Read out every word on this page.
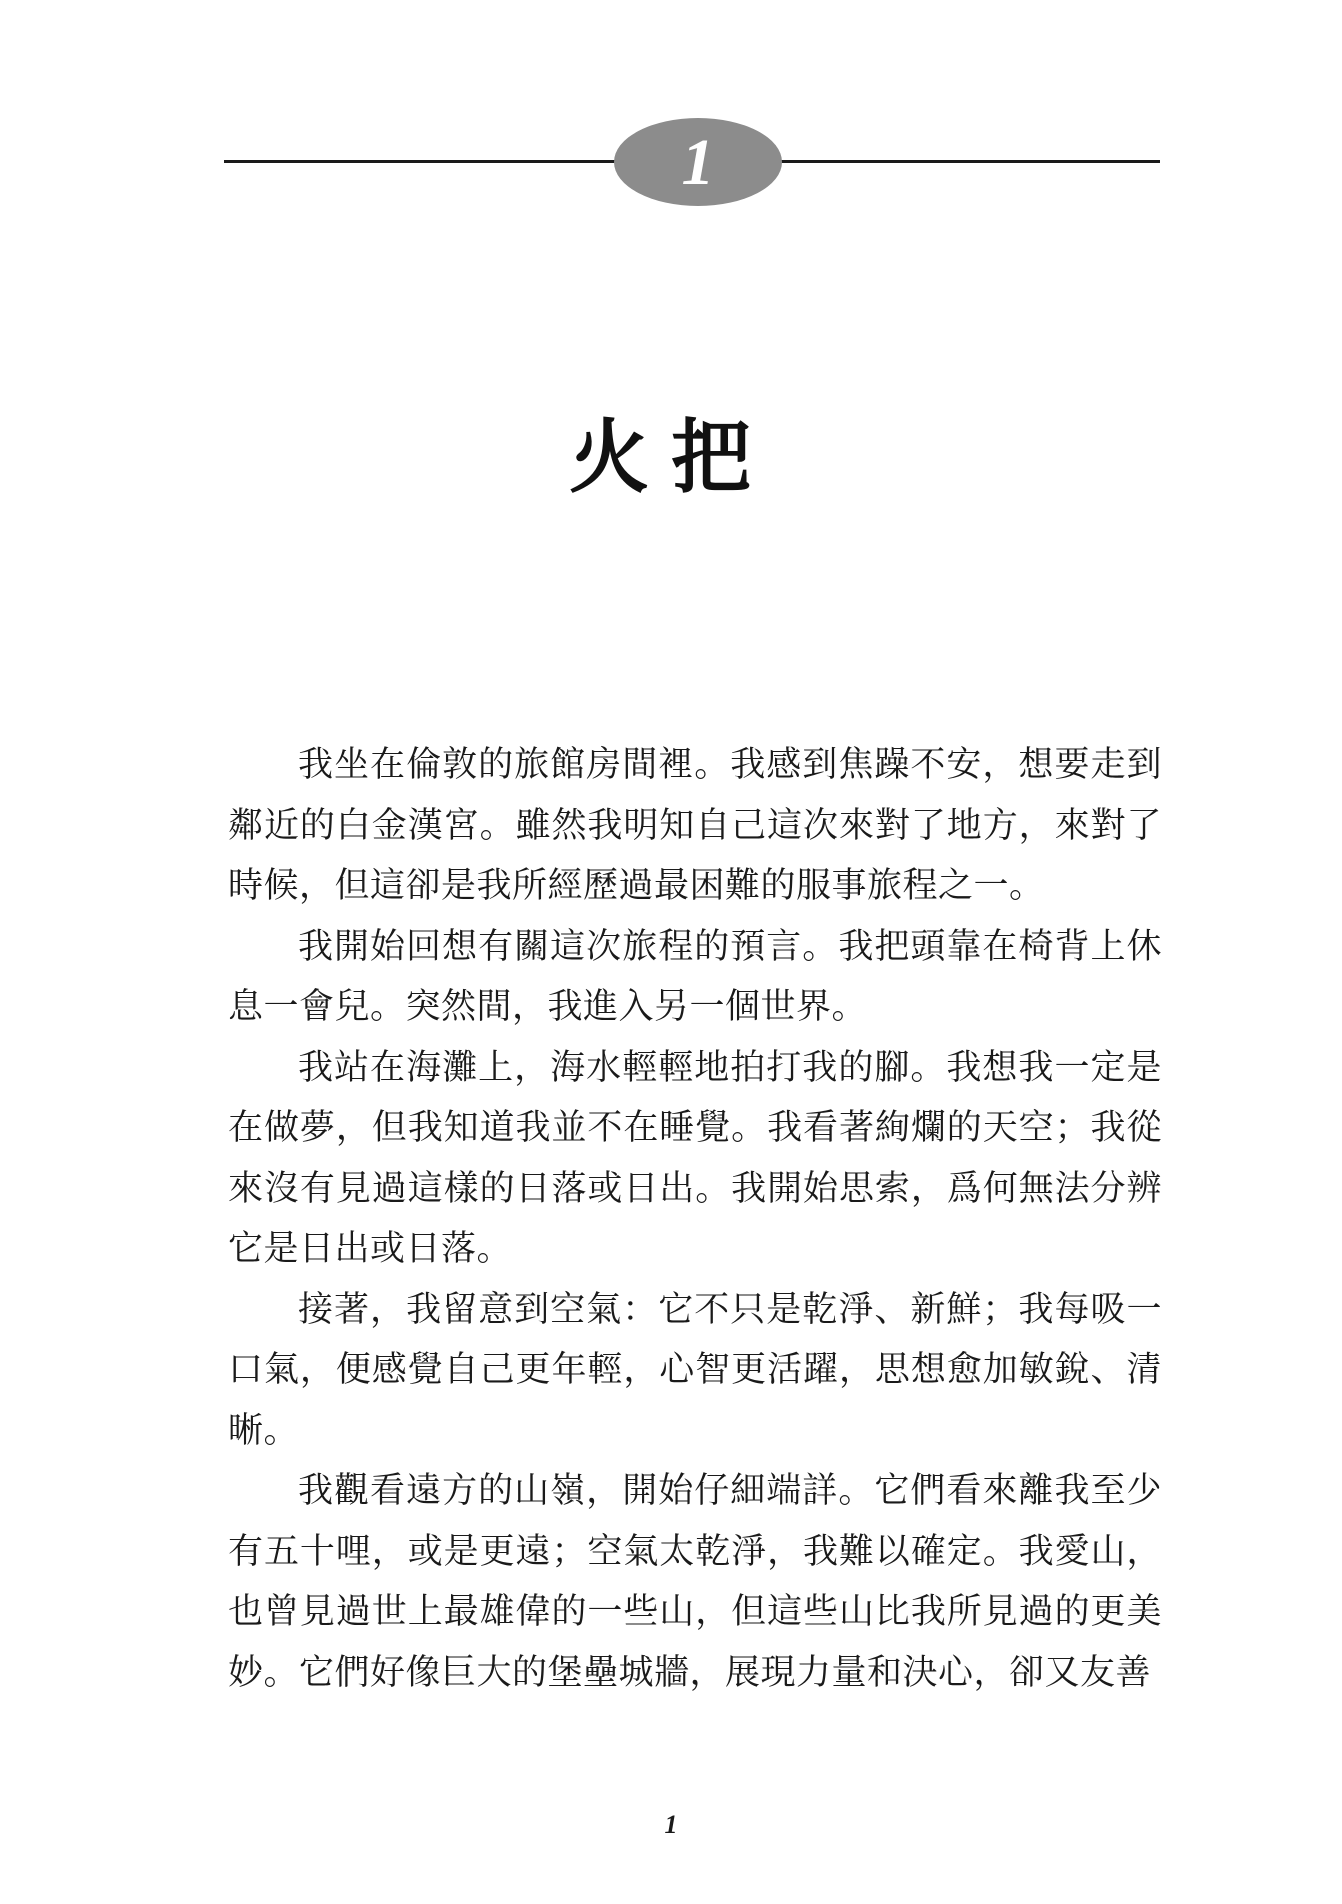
1
火把

我坐在倫敦的旅館房間裡。我感到焦躁不安，想要走到鄰近的白金漢宮。雖然我明知自己這次來對了地方，來對了時候，但這卻是我所經歷過最困難的服事旅程之一。

我開始回想有關這次旅程的預言。我把頭靠在椅背上休息一會兒。突然間，我進入另一個世界。

我站在海灘上，海水輕輕地拍打我的腳。我想我一定是在做夢，但我知道我並不在睡覺。我看著絢爛的天空；我從來沒有見過這樣的日落或日出。我開始思索，爲何無法分辨它是日出或日落。

接著，我留意到空氣：它不只是乾淨、新鮮；我每吸一口氣，便感覺自己更年輕，心智更活躍，思想愈加敏銳、清晰。

我觀看遠方的山嶺，開始仔細端詳。它們看來離我至少有五十哩，或是更遠；空氣太乾淨，我難以確定。我愛山，也曾見過世上最雄偉的一些山，但這些山比我所見過的更美妙。它們好像巨大的堡壘城牆，展現力量和決心，卻又友善

1
